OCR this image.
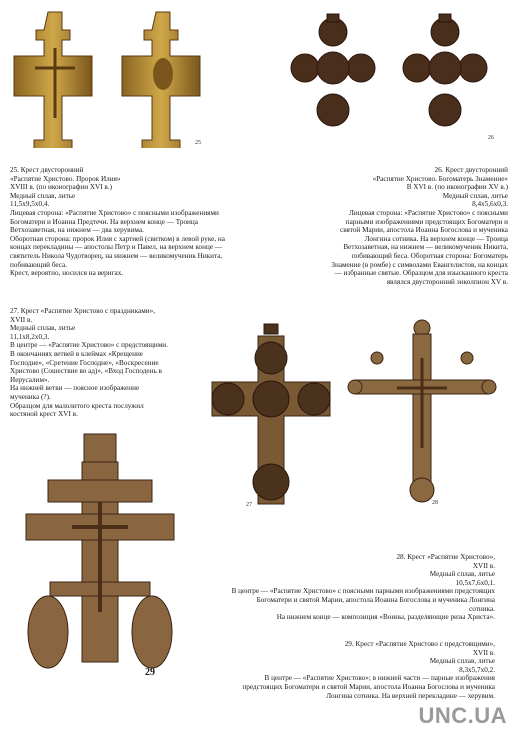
25
26
25. Крест двусторонний
«Распятие Христово. Пророк Илия»
XVIII в. (по иконографии XVI в.)
Медный сплав, литье
11,5х9,5х0,4.
Лицевая сторона: «Распятие Христово» с поясными изображениями
Богоматери и Иоанна Предтечи. На верхнем конце — Троица
Ветхозаветная, на нижнем — два херувима.
Оборотная сторона: пророк Илия с хартией (свитком) в левой руке, на
концах перекладины — апостолы Петр и Павел, на верхнем конце —
святитель Никола Чудотворец, на нижнем — великомученик Никита,
побивающий беса.
Крест, вероятно, носился на веригах.
26. Крест двусторонний
«Распятие Христово. Богоматерь Знамение»
В XVI в. (по иконографии XV в.)
Медный сплав, литье
8,4х5,6х0,3.
Лицевая сторона: «Распятие Христово» с поясными
парными изображениями предстоящих Богоматери и
святой Марии, апостола Иоанна Богослова и мученика
Лонгина сотника. На верхнем конце — Троица
Ветхозаветная, на нижнем — великомученик Никита,
побивающий беса. Оборотная сторона: Богоматерь
Знамение (в ромбе) с символами Евангелистов, на концах
— избранные святые. Образцом для изысканного креста
являлся двусторонний энколпион XV в.
27. Крест «Распятие Христово с праздниками»,
XVII в.
Медный сплав, литье
11,1х8,2х0,3.
В центре — «Распятие Христово» с предстоящими.
В окончаниях ветвей в клеймах «Крещение
Господне», «Сретение Господне», «Воскресение
Христово (Сошествие во ад)», «Вход Господень в
Иерусалим».
На нижней ветви — поясное изображение
мученика (?).
Образцом для малолитого креста послужил
костяной крест XVI в.
27	28
29
28. Крест «Распятие Христово»,
XVII в.
Медный сплав, литье
10,5х7,6х0,1.
В центре — «Распятие Христово» с поясными парными изображениями предстоящих
Богоматери и святой Марии, апостола Иоанна Богослова и мученика Лонгина
сотника.
На нижнем конце — композиция «Воины, разделяющие ризы Христа».
29. Крест «Распятие Христово с предстоящими»,
XVII в.
Медный сплав, литье
8,3х5,7х0,2.
В центре — «Распятие Христово»; в нижней части — парные изображения
предстоящих Богоматери и святой Марии, апостола Иоанна Богослова и мученика
Лонгина сотника. На верхней перекладине — херувим.
UNC.UA
